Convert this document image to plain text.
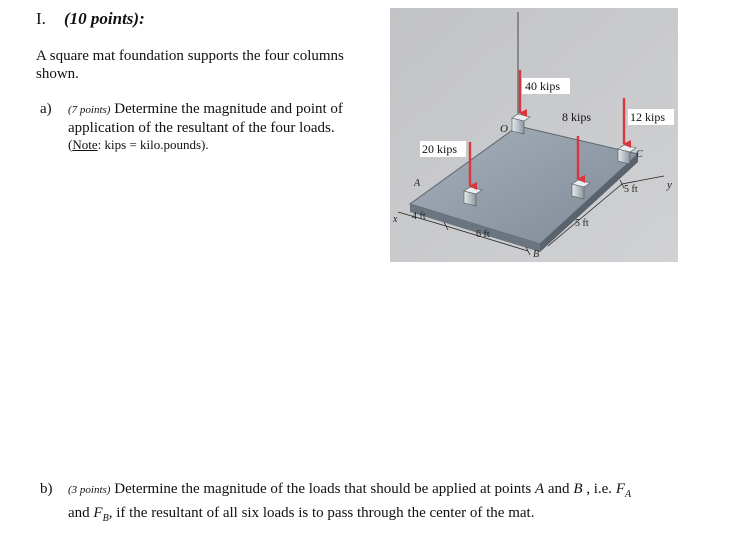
I. (10 points):
A square mat foundation supports the four columns shown.
a) (7 points) Determine the magnitude and point of application of the resultant of the four loads.
(Note: kips = kilo.pounds).
40 kips
8 kips	12 kips
20 kips
O
A
B
C
x
y
4 ft
6 ft
5 ft
5 ft
b) (3 points) Determine the magnitude of the loads that should be applied at points A and B , i.e. $F_A$
and $F_B$, if the resultant of all six loads is to pass through the center of the mat.
